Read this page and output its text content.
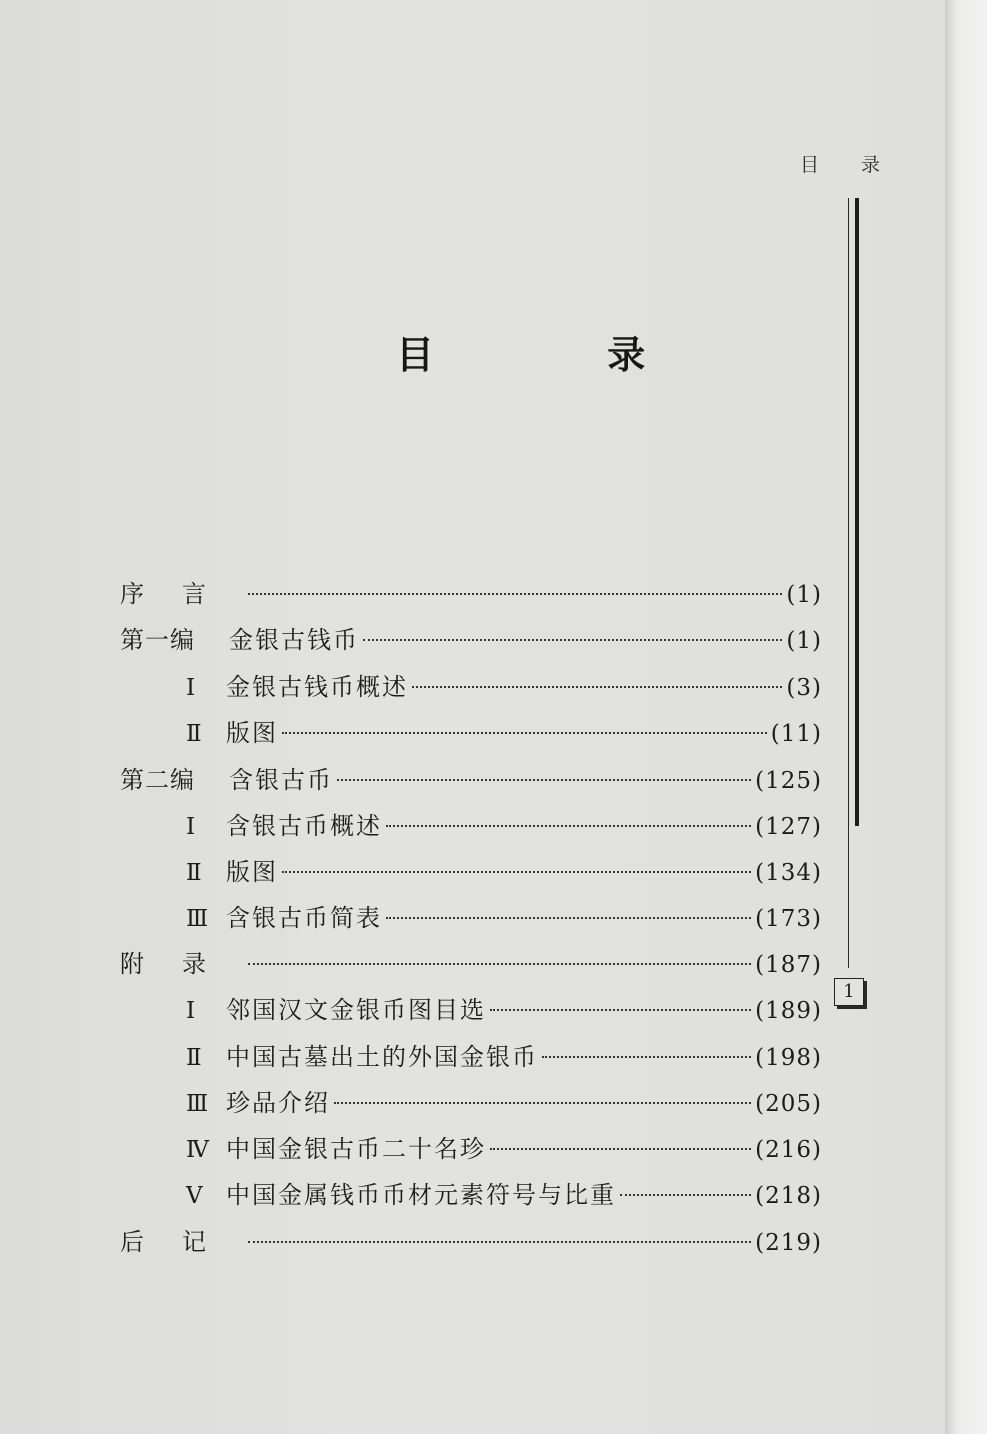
目 录
1
目 录
序言	(1)
第一编 金银古钱币	(1)
Ⅰ	金银古钱币概述	(3)
Ⅱ	版图	(11)
第二编 含银古币	(125)
Ⅰ	含银古币概述	(127)
Ⅱ	版图	(134)
Ⅲ 含银古币简表	(173)
附录	(187)
Ⅰ	邻国汉文金银币图目选	(189)
Ⅱ	中国古墓出土的外国金银币	(198)
Ⅲ 珍品介绍	(205)
Ⅳ 中国金银古币二十名珍	(216)
Ⅴ 中国金属钱币币材元素符号与比重	(218)
后记	(219)
